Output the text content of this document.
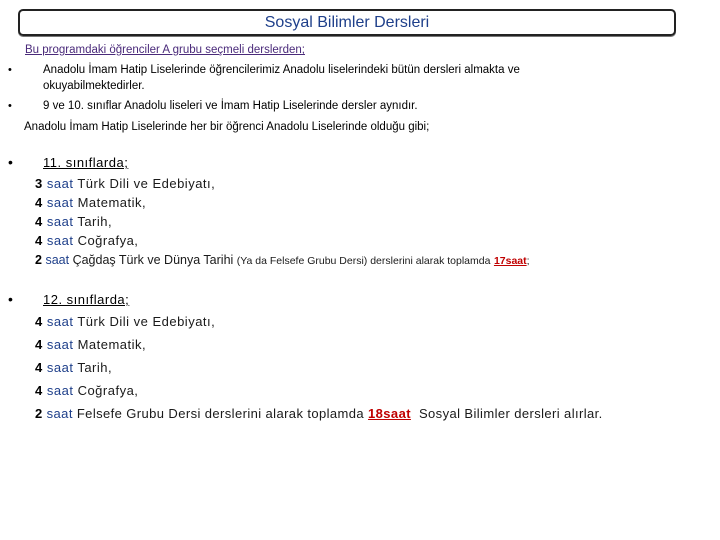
Sosyal Bilimler Dersleri
Bu programdaki öğrenciler A grubu seçmeli derslerden;
•	Anadolu İmam Hatip Liselerinde öğrencilerimiz Anadolu liselerindeki bütün dersleri almakta ve
okuyabilmektedirler.
•	9 ve 10. sınıflar Anadolu liseleri ve İmam Hatip Liselerinde dersler aynıdır.
Anadolu İmam Hatip Liselerinde her bir öğrenci Anadolu Liselerinde olduğu gibi;
• 11. sınıflarda;
3 saat Türk Dili ve Edebiyatı,
4 saat Matematik,
4 saat Tarih,
4 saat Coğrafya,
2 saat Çağdaş Türk ve Dünya Tarihi (Ya da Felsefe Grubu Dersi) derslerini alarak toplamda 17saat;
• 12. sınıflarda;
4 saat Türk Dili ve Edebiyatı,
4 saat Matematik,
4 saat Tarih,
4 saat Coğrafya,
2 saat Felsefe Grubu Dersi derslerini alarak toplamda 18saat Sosyal Bilimler dersleri alırlar.
